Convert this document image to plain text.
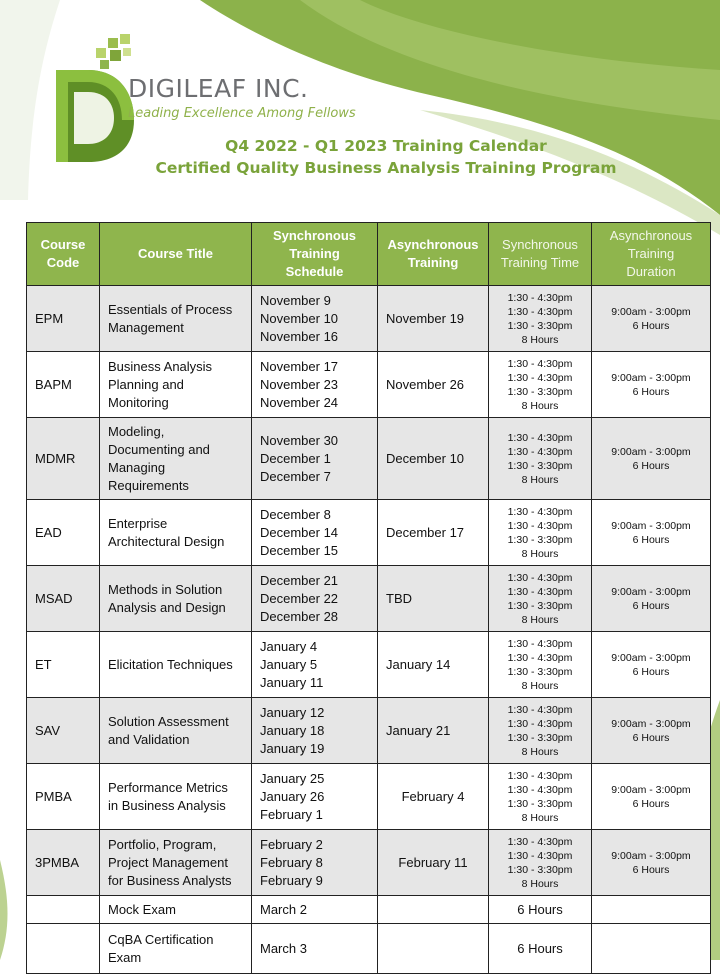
DIGILEAF INC.
Leading Excellence Among Fellows
Q4 2022 - Q1 2023 Training Calendar
Certified Quality Business Analysis Training Program
Course
Code	Course Title	Synchronous
Training Schedule	Asynchronous
Training	Synchronous
Training Time	Asynchronous
Training
Duration

EPM	Essentials of Process
Management	November 9
November 10
November 16	November 19	1:30 - 4:30pm
1:30 - 4:30pm
1:30 - 3:30pm
8 Hours	9:00am - 3:00pm
6 Hours

BAPM	Business Analysis
Planning and
Monitoring	November 17
November 23
November 24	November 26	1:30 - 4:30pm
1:30 - 4:30pm
1:30 - 3:30pm
8 Hours	9:00am - 3:00pm
6 Hours

MDMR	Modeling,
Documenting and
Managing
Requirements	November 30
December 1
December 7	December 10	1:30 - 4:30pm
1:30 - 4:30pm
1:30 - 3:30pm
8 Hours	9:00am - 3:00pm
6 Hours

EAD	Enterprise
Architectural Design	December 8
December 14
December 15	December 17	1:30 - 4:30pm
1:30 - 4:30pm
1:30 - 3:30pm
8 Hours	9:00am - 3:00pm
6 Hours

MSAD	Methods in Solution
Analysis and Design	December 21
December 22
December 28	TBD	1:30 - 4:30pm
1:30 - 4:30pm
1:30 - 3:30pm
8 Hours	9:00am - 3:00pm
6 Hours

ET	Elicitation Techniques	January 4
January 5
January 11	January 14	1:30 - 4:30pm
1:30 - 4:30pm
1:30 - 3:30pm
8 Hours	9:00am - 3:00pm
6 Hours

SAV	Solution Assessment
and Validation	January 12
January 18
January 19	January 21	1:30 - 4:30pm
1:30 - 4:30pm
1:30 - 3:30pm
8 Hours	9:00am - 3:00pm
6 Hours

PMBA	Performance Metrics
in Business Analysis	January 25
January 26
February 1	February 4	1:30 - 4:30pm
1:30 - 4:30pm
1:30 - 3:30pm
8 Hours	9:00am - 3:00pm
6 Hours

3PMBA	Portfolio, Program,
Project Management
for Business Analysts	February 2
February 8
February 9	February 11	1:30 - 4:30pm
1:30 - 4:30pm
1:30 - 3:30pm
8 Hours	9:00am - 3:00pm
6 Hours

	Mock Exam	March 2		6 Hours	

	CqBA Certification
Exam	March 3		6 Hours	
